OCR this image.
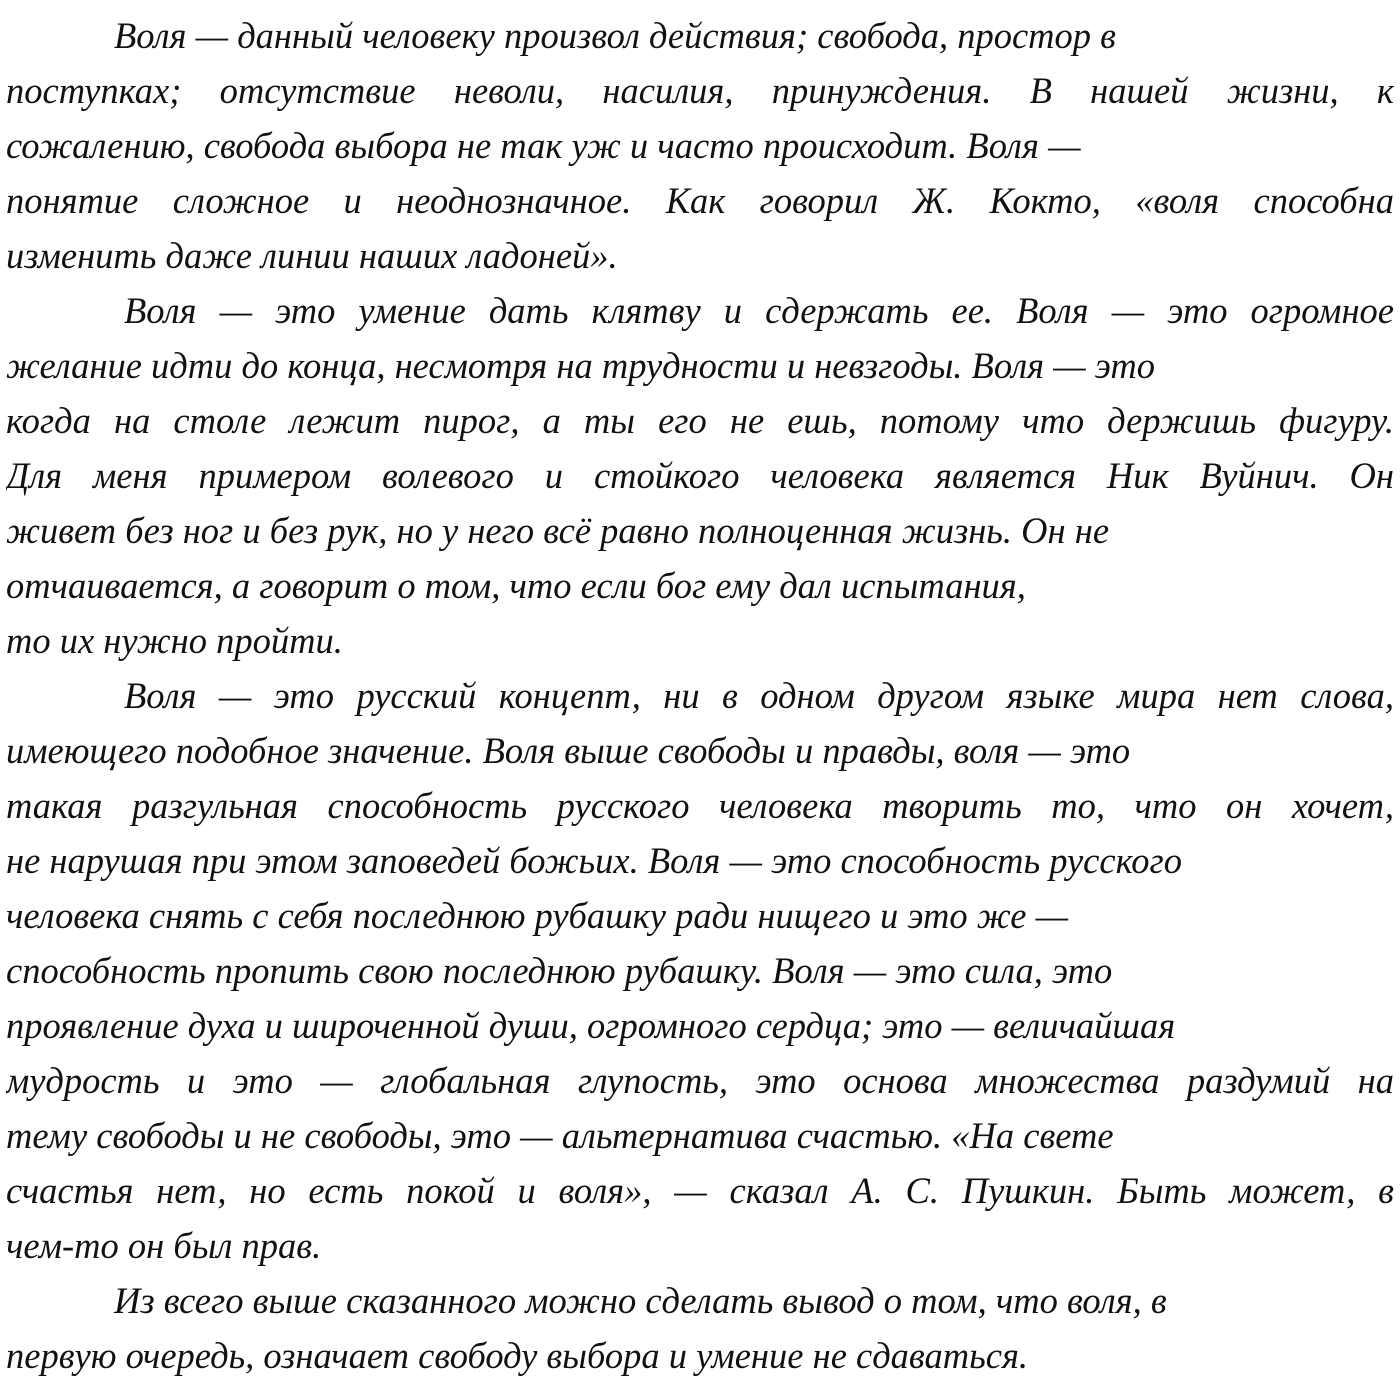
Воля — данный человеку произвол действия; свобода, простор в
поступках; отсутствие неволи, насилия, принуждения. В нашей жизни, к
сожалению, свобода выбора не так уж и часто происходит. Воля —
понятие сложное и неоднозначное. Как говорил Ж. Кокто, «воля способна
изменить даже линии наших ладоней».
Воля — это умение дать клятву и сдержать ее. Воля — это огромное
желание идти до конца, несмотря на трудности и невзгоды. Воля — это
когда на столе лежит пирог, а ты его не ешь, потому что держишь фигуру.
Для меня примером волевого и стойкого человека является Ник Вуйнич. Он
живет без ног и без рук, но у него всё равно полноценная жизнь. Он не
отчаивается, а говорит о том, что если бог ему дал испытания,
то их нужно пройти.
Воля — это русский концепт, ни в одном другом языке мира нет слова,
имеющего подобное значение. Воля выше свободы и правды, воля — это
такая разгульная способность русского человека творить то, что он хочет,
не нарушая при этом заповедей божьих. Воля — это способность русского
человека снять с себя последнюю рубашку ради нищего и это же —
способность пропить свою последнюю рубашку. Воля — это сила, это
проявление духа и широченной души, огромного сердца; это — величайшая
мудрость и это — глобальная глупость, это основа множества раздумий на
тему свободы и не свободы, это — альтернатива счастью. «На свете
счастья нет, но есть покой и воля», — сказал А. С. Пушкин. Быть может, в
чем-то он был прав.
Из всего выше сказанного можно сделать вывод о том, что воля, в
первую очередь, означает свободу выбора и умение не сдаваться.
